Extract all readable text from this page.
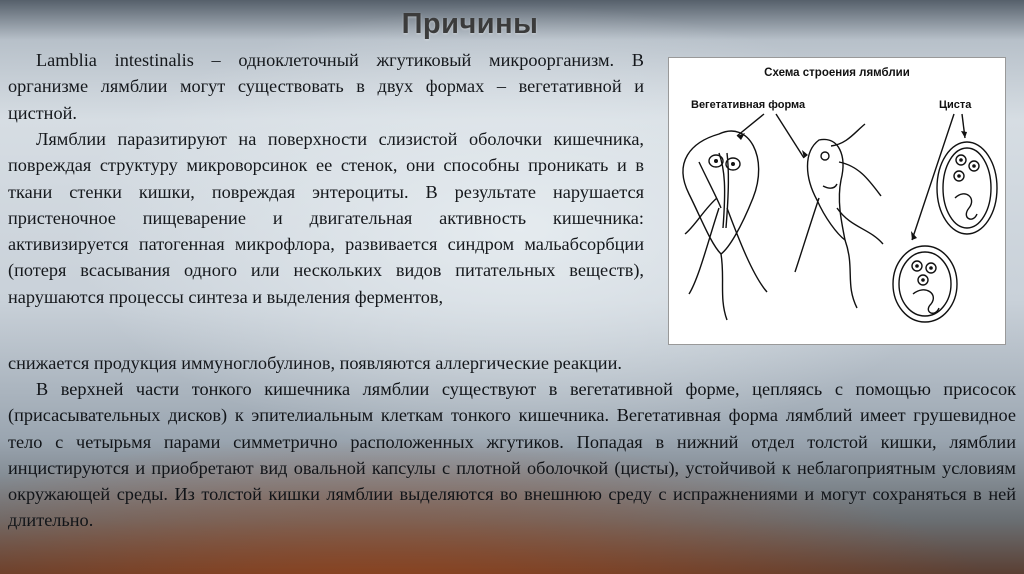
Причины

Lamblia intestinalis – одноклеточный жгутиковый микроорганизм. В организме лямблии могут существовать в двух формах – вегетативной и цистной.

Лямблии паразитируют на поверхности слизистой оболочки кишечника, повреждая структуру микроворсинок ее стенок, они способны проникать и в ткани стенки кишки, повреждая энтероциты. В результате нарушается пристеночное пищеварение и двигательная активность кишечника: активизируется патогенная микрофлора, развивается синдром мальабсорбции (потеря всасывания одного или нескольких видов питательных веществ), нарушаются процессы синтеза и выделения ферментов,

снижается продукция иммуноглобулинов, появляются аллергические реакции.

В верхней части тонкого кишечника лямблии существуют в вегетативной форме, цепляясь с помощью присосок (присасывательных дисков) к эпителиальным клеткам тонкого кишечника. Вегетативная форма лямблий имеет грушевидное тело с четырьмя парами симметрично расположенных жгутиков. Попадая в нижний отдел толстой кишки, лямблии инцистируются и приобретают вид овальной капсулы с плотной оболочкой (цисты), устойчивой к неблагоприятным условиям окружающей среды. Из толстой кишки лямблии выделяются во внешнюю среду с испражнениями и могут сохраняться в ней длительно.

Схема строения лямблии
Вегетативная форма	Циста
